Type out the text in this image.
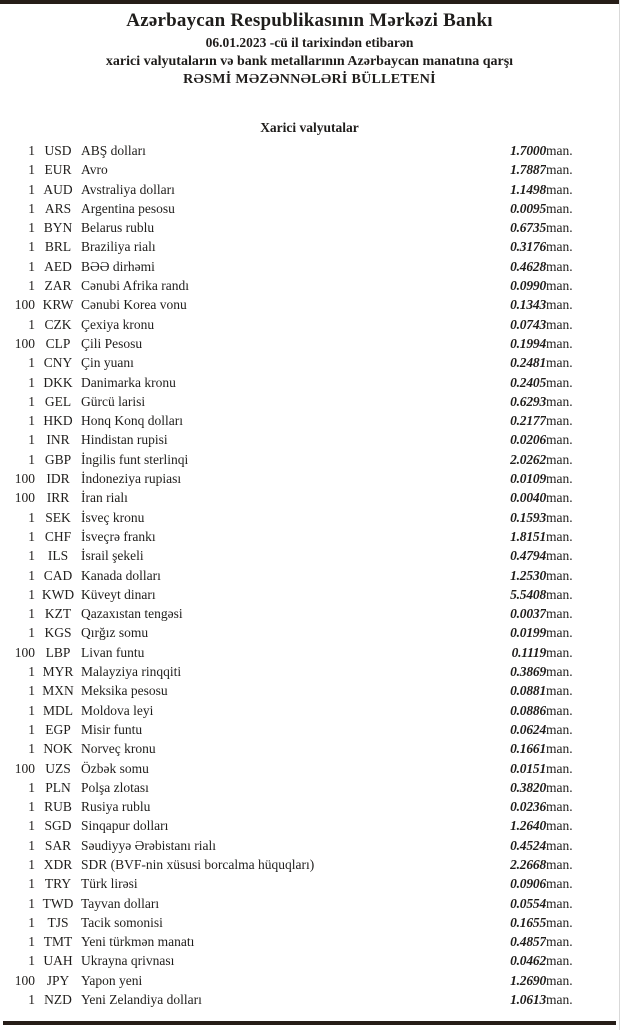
Azərbaycan Respublikasının Mərkəzi Bankı
06.01.2023 -cü il tarixindən etibarən
xarici valyutaların və bank metallarının Azərbaycan manatına qarşı
RƏSMİ MƏZƏNNƏLƏRİ BÜLLETENİ
Xarici valyutalar
1	USD	ABŞ dolları	1.7000	man.
1	EUR	Avro	1.7887	man.
1	AUD	Avstraliya dolları	1.1498	man.
1	ARS	Argentina pesosu	0.0095	man.
1	BYN	Belarus rublu	0.6735	man.
1	BRL	Braziliya rialı	0.3176	man.
1	AED	BƏƏ dirhəmi	0.4628	man.
1	ZAR	Cənubi Afrika randı	0.0990	man.
100	KRW	Cənubi Korea vonu	0.1343	man.
1	CZK	Çexiya kronu	0.0743	man.
100	CLP	Çili Pesosu	0.1994	man.
1	CNY	Çin yuanı	0.2481	man.
1	DKK	Danimarka kronu	0.2405	man.
1	GEL	Gürcü larisi	0.6293	man.
1	HKD	Honq Konq dolları	0.2177	man.
1	INR	Hindistan rupisi	0.0206	man.
1	GBP	İngilis funt sterlinqi	2.0262	man.
100	IDR	İndoneziya rupiası	0.0109	man.
100	IRR	İran rialı	0.0040	man.
1	SEK	İsveç kronu	0.1593	man.
1	CHF	İsveçrə frankı	1.8151	man.
1	ILS	İsrail şekeli	0.4794	man.
1	CAD	Kanada dolları	1.2530	man.
1	KWD	Küveyt dinarı	5.5408	man.
1	KZT	Qazaxıstan tengəsi	0.0037	man.
1	KGS	Qırğız somu	0.0199	man.
100	LBP	Livan funtu	0.1119	man.
1	MYR	Malayziya rinqqiti	0.3869	man.
1	MXN	Meksika pesosu	0.0881	man.
1	MDL	Moldova leyi	0.0886	man.
1	EGP	Misir funtu	0.0624	man.
1	NOK	Norveç kronu	0.1661	man.
100	UZS	Özbək somu	0.0151	man.
1	PLN	Polşa zlotası	0.3820	man.
1	RUB	Rusiya rublu	0.0236	man.
1	SGD	Sinqapur dolları	1.2640	man.
1	SAR	Səudiyyə Ərəbistanı rialı	0.4524	man.
1	XDR	SDR (BVF-nin xüsusi borcalma hüquqları)	2.2668	man.
1	TRY	Türk lirəsi	0.0906	man.
1	TWD	Tayvan dolları	0.0554	man.
1	TJS	Tacik somonisi	0.1655	man.
1	TMT	Yeni türkmən manatı	0.4857	man.
1	UAH	Ukrayna qrivnası	0.0462	man.
100	JPY	Yapon yeni	1.2690	man.
1	NZD	Yeni Zelandiya dolları	1.0613	man.
